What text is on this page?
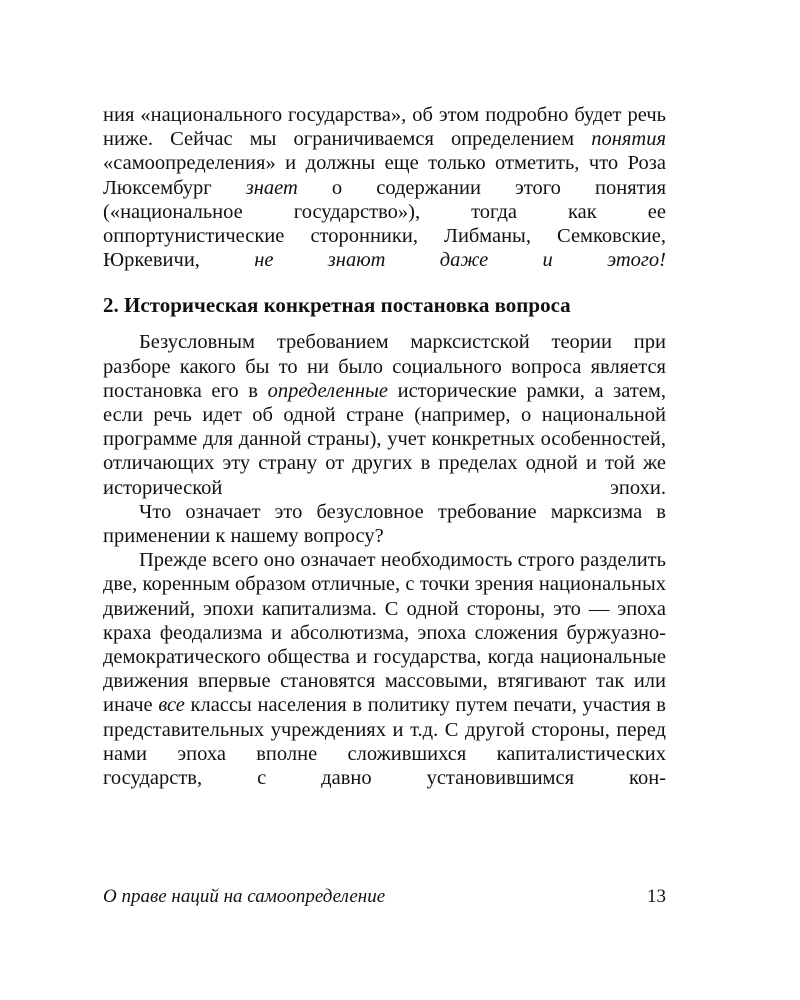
ния «национального государства», об этом подробно будет речь ниже. Сейчас мы ограничиваемся определением понятия «самоопределения» и должны еще только отметить, что Роза Люксембург знает о содержании этого понятия («национальное государство»), тогда как ее оппортунистические сторонники, Либманы, Семковские, Юркевичи, не знают даже и этого!

2. Историческая конкретная постановка вопроса

Безусловным требованием марксистской теории при разборе какого бы то ни было социального вопроса является постановка его в определенные исторические рамки, а затем, если речь идет об одной стране (например, о национальной программе для данной страны), учет конкретных особенностей, отличающих эту страну от других в пределах одной и той же исторической эпохи.

Что означает это безусловное требование марксизма в применении к нашему вопросу?

Прежде всего оно означает необходимость строго разделить две, коренным образом отличные, с точки зрения национальных движений, эпохи капитализма. С одной стороны, это — эпоха краха феодализма и абсолютизма, эпоха сложения буржуазно-демократического общества и государства, когда национальные движения впервые становятся массовыми, втягивают так или иначе все классы населения в политику путем печати, участия в представительных учреждениях и т.д. С другой стороны, перед нами эпоха вполне сложившихся капиталистических государств, с давно установившимся кон-

О праве наций на самоопределение	13
